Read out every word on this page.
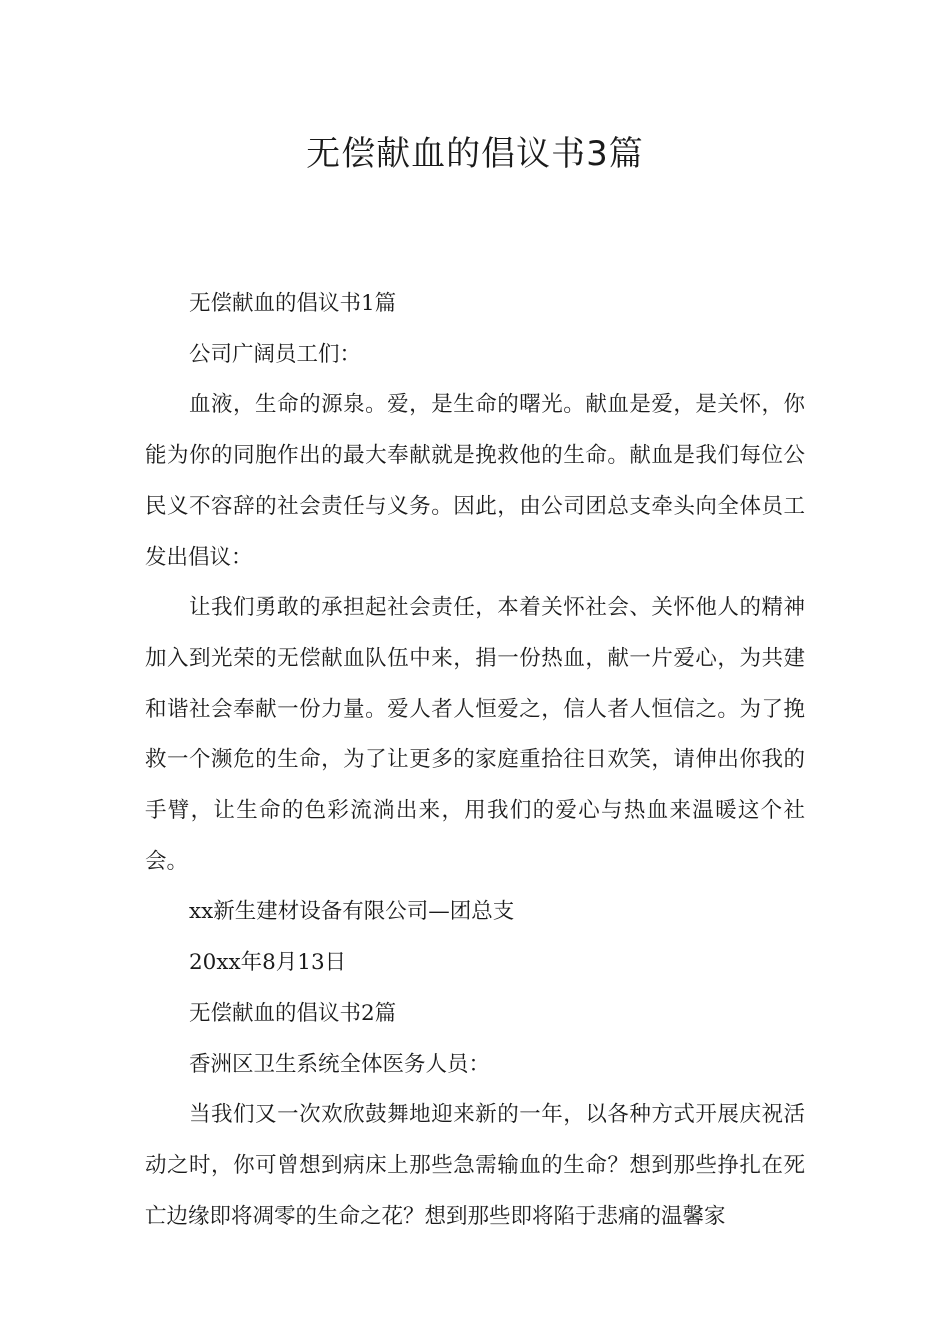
无偿献血的倡议书3篇

无偿献血的倡议书1篇

公司广阔员工们：

血液，生命的源泉。爱，是生命的曙光。献血是爱，是关怀，你能为你的同胞作出的最大奉献就是挽救他的生命。献血是我们每位公民义不容辞的社会责任与义务。因此，由公司团总支牵头向全体员工发出倡议：

让我们勇敢的承担起社会责任，本着关怀社会、关怀他人的精神加入到光荣的无偿献血队伍中来，捐一份热血，献一片爱心，为共建和谐社会奉献一份力量。爱人者人恒爱之，信人者人恒信之。为了挽救一个濒危的生命，为了让更多的家庭重拾往日欢笑，请伸出你我的手臂，让生命的色彩流淌出来，用我们的爱心与热血来温暖这个社会。

xx新生建材设备有限公司—团总支

20xx年8月13日

无偿献血的倡议书2篇

香洲区卫生系统全体医务人员：

当我们又一次欢欣鼓舞地迎来新的一年，以各种方式开展庆祝活动之时，你可曾想到病床上那些急需输血的生命？想到那些挣扎在死亡边缘即将凋零的生命之花？想到那些即将陷于悲痛的温馨家
